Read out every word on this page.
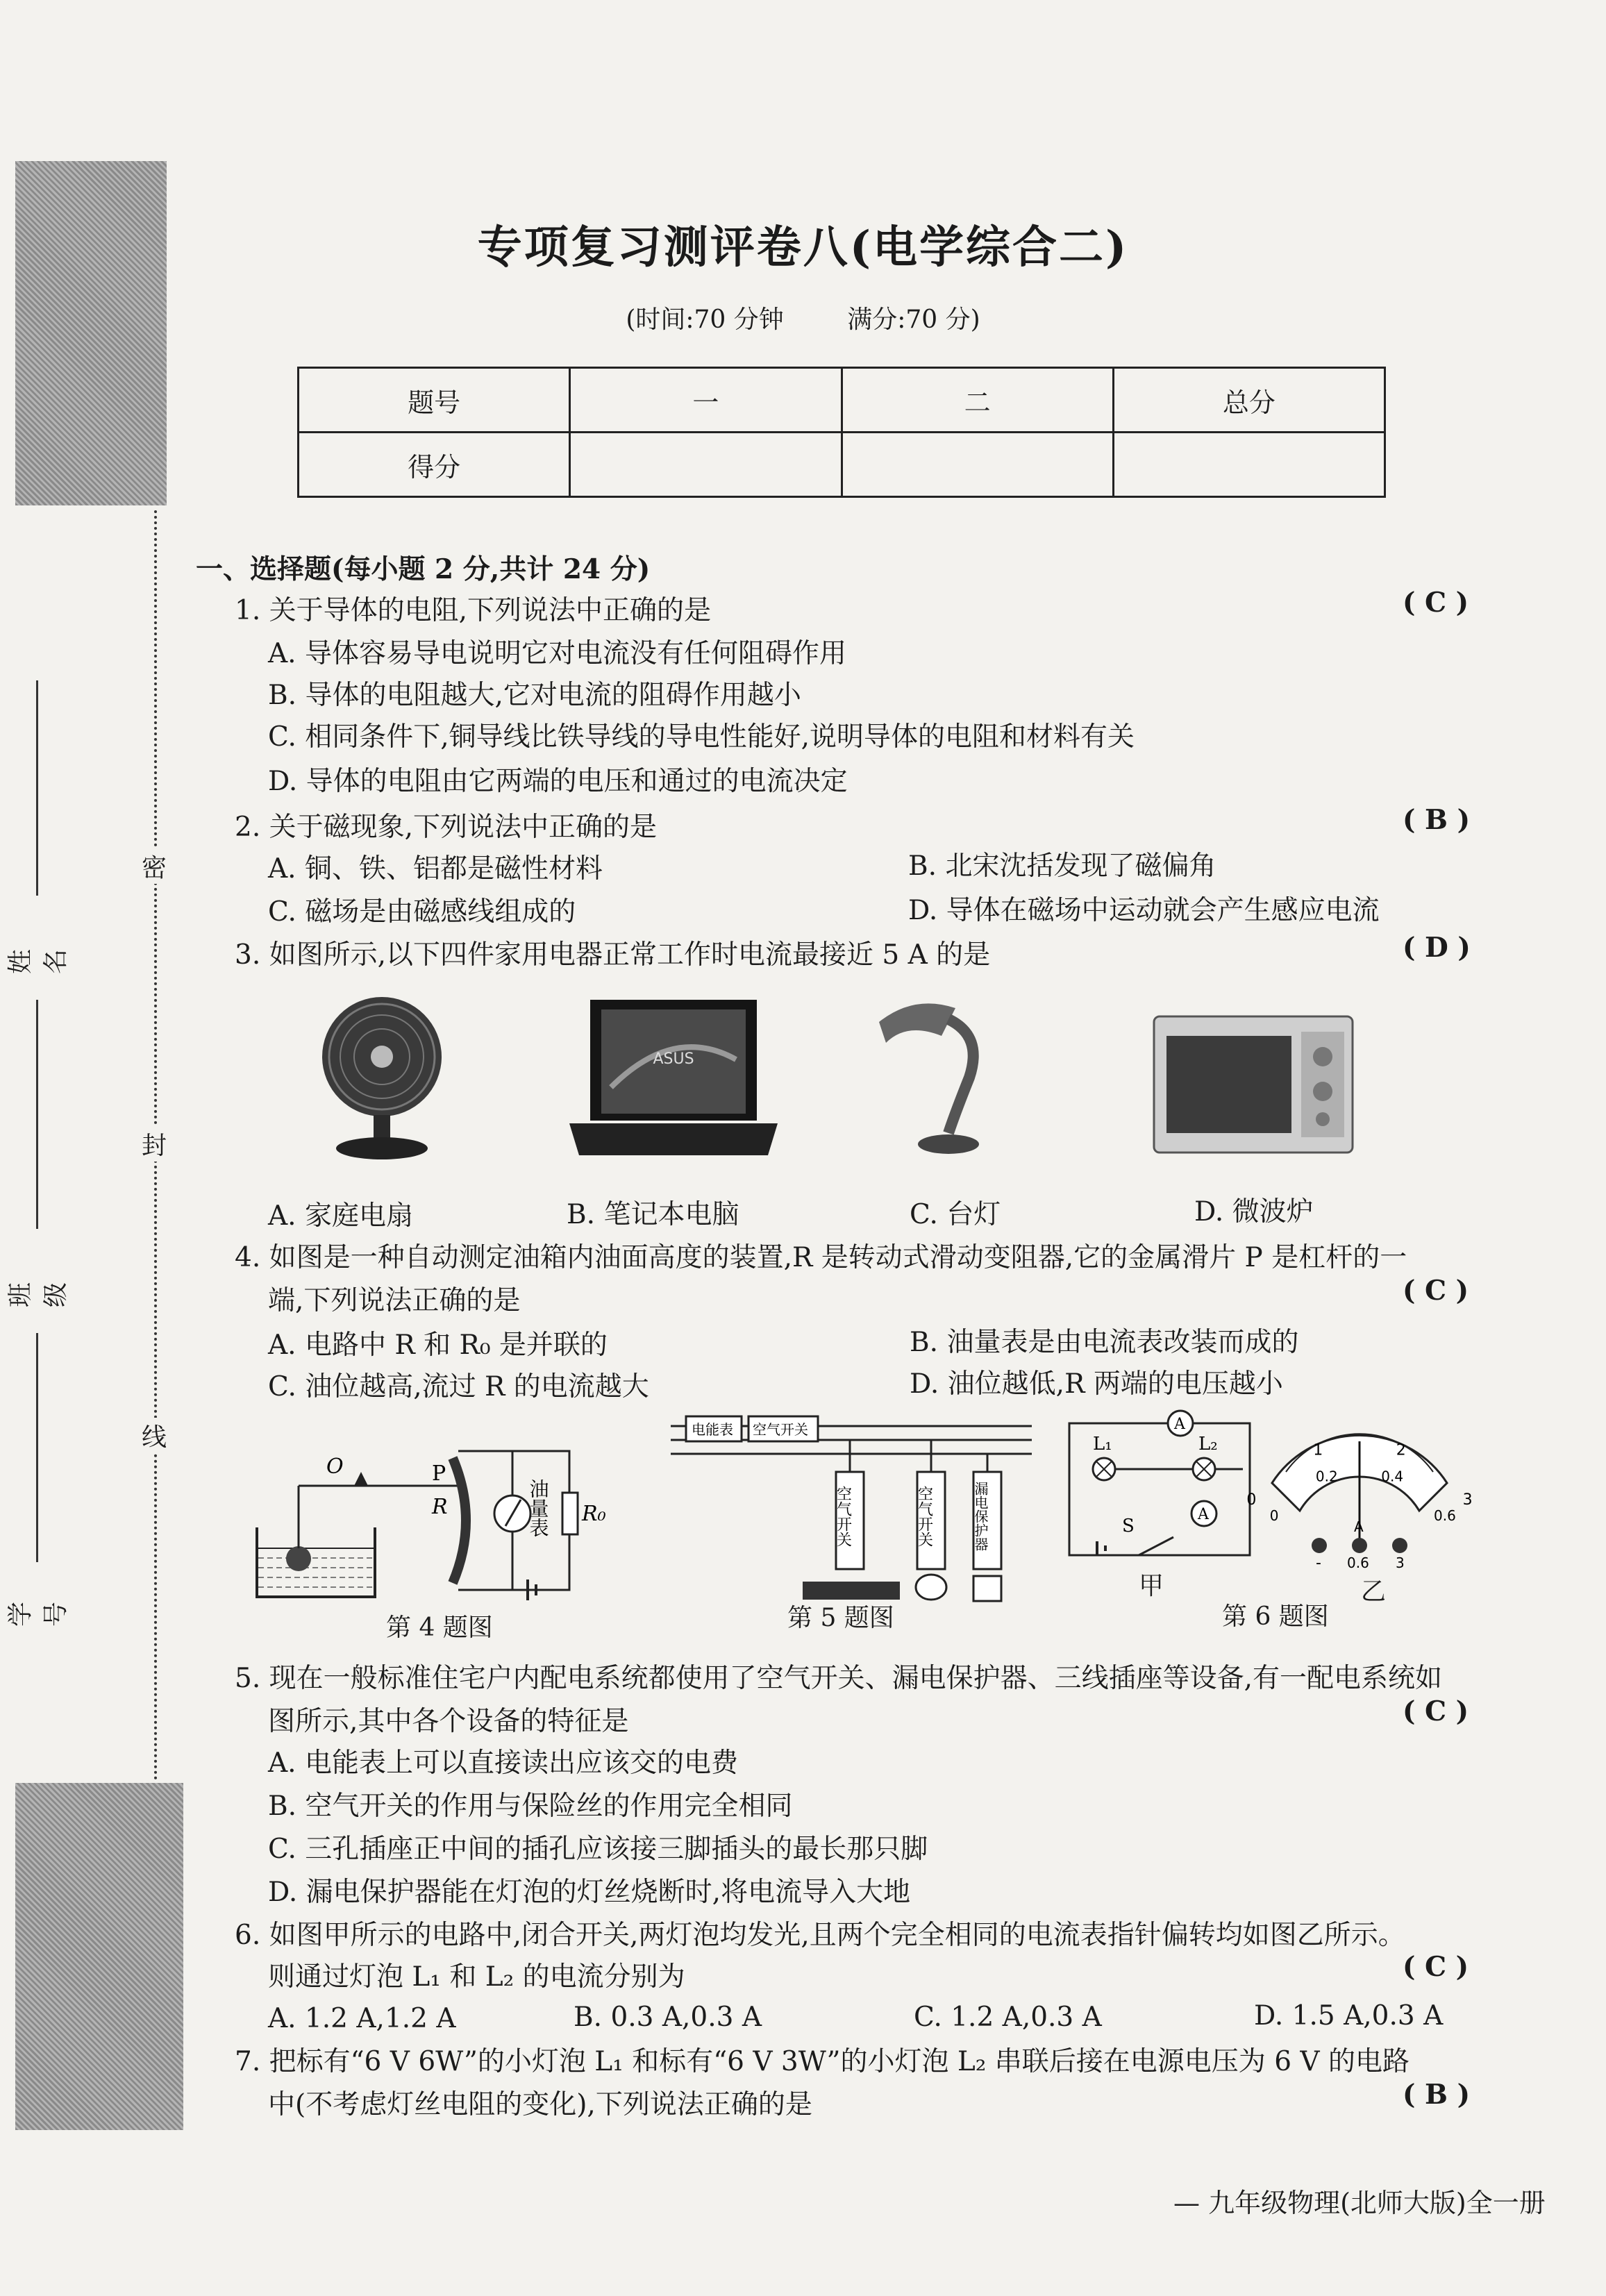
专项复习测评卷八(电学综合二)
(时间:70 分钟	满分:70 分)
题号	一	二	总分
得分			
密
封
线
姓名
班级
学号
一、选择题(每小题 2 分,共计 24 分)
1. 关于导体的电阻,下列说法中正确的是	( C )
A. 导体容易导电说明它对电流没有任何阻碍作用
B. 导体的电阻越大,它对电流的阻碍作用越小
C. 相同条件下,铜导线比铁导线的导电性能好,说明导体的电阻和材料有关
D. 导体的电阻由它两端的电压和通过的电流决定
2. 关于磁现象,下列说法中正确的是	( B )
A. 铜、铁、铝都是磁性材料	B. 北宋沈括发现了磁偏角
C. 磁场是由磁感线组成的	D. 导体在磁场中运动就会产生感应电流
3. 如图所示,以下四件家用电器正常工作时电流最接近 5 A 的是	( D )
ASUS
A. 家庭电扇	B. 笔记本电脑	C. 台灯	D. 微波炉
4. 如图是一种自动测定油箱内油面高度的装置,R 是转动式滑动变阻器,它的金属滑片 P 是杠杆的一
端,下列说法正确的是	( C )
A. 电路中 R 和 R₀ 是并联的	B. 油量表是由电流表改装而成的
C. 油位越高,流过 R 的电流越大	D. 油位越低,R 两端的电压越小
O	P
R	油量表 R₀
第 4 题图
电能表 空气开关
空气开关	空气开关	漏电保护器
第 5 题图
A
L₁	L₂
A
S
甲
0
1	2
3
0
0.2	0.4
0.6
- 0.6 3
A
乙
第 6 题图
5. 现在一般标准住宅户内配电系统都使用了空气开关、漏电保护器、三线插座等设备,有一配电系统如
图所示,其中各个设备的特征是	( C )
A. 电能表上可以直接读出应该交的电费
B. 空气开关的作用与保险丝的作用完全相同
C. 三孔插座正中间的插孔应该接三脚插头的最长那只脚
D. 漏电保护器能在灯泡的灯丝烧断时,将电流导入大地
6. 如图甲所示的电路中,闭合开关,两灯泡均发光,且两个完全相同的电流表指针偏转均如图乙所示。
则通过灯泡 L₁ 和 L₂ 的电流分别为	( C )
A. 1.2 A,1.2 A	B. 0.3 A,0.3 A	C. 1.2 A,0.3 A	D. 1.5 A,0.3 A
7. 把标有“6 V 6W”的小灯泡 L₁ 和标有“6 V 3W”的小灯泡 L₂ 串联后接在电源电压为 6 V 的电路
中(不考虑灯丝电阻的变化),下列说法正确的是	( B )
— 九年级物理(北师大版)全一册
